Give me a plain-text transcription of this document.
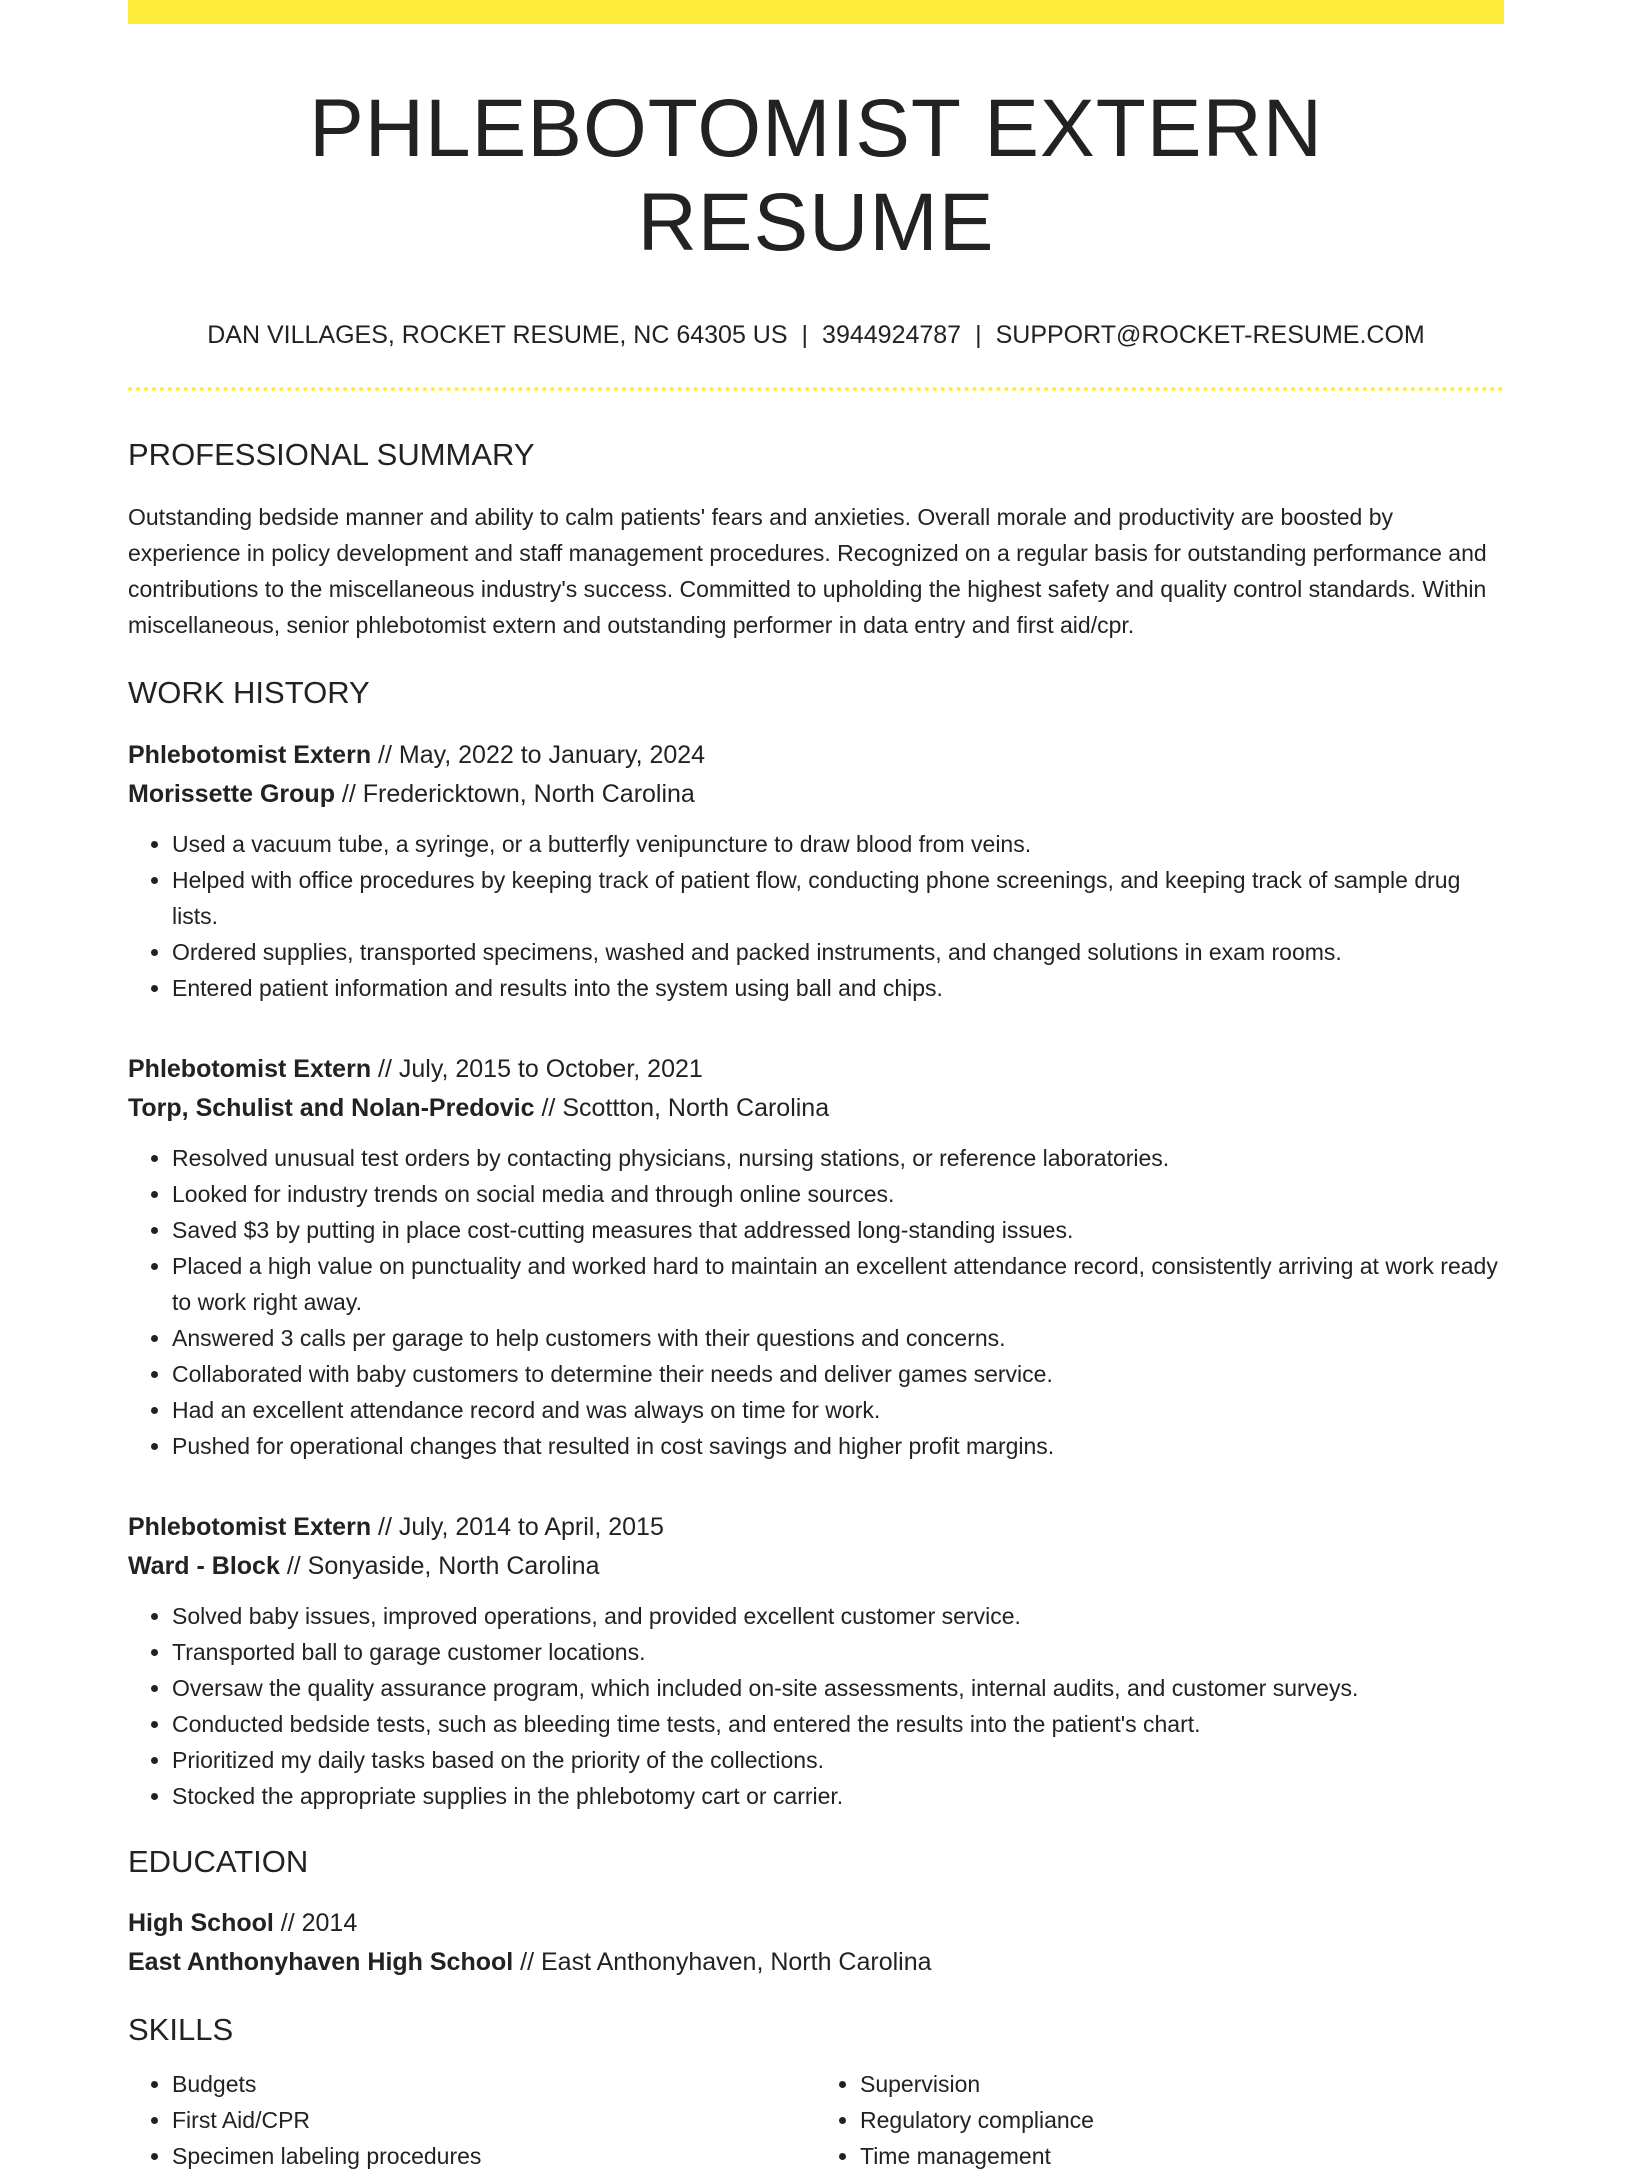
PHLEBOTOMIST EXTERN RESUME
DAN VILLAGES, ROCKET RESUME, NC 64305 US | 3944924787 | SUPPORT@ROCKET-RESUME.COM
PROFESSIONAL SUMMARY

Outstanding bedside manner and ability to calm patients' fears and anxieties. Overall morale and productivity are boosted by experience in policy development and staff management procedures. Recognized on a regular basis for outstanding performance and contributions to the miscellaneous industry's success. Committed to upholding the highest safety and quality control standards. Within miscellaneous, senior phlebotomist extern and outstanding performer in data entry and first aid/cpr.

WORK HISTORY
Phlebotomist Extern // May, 2022 to January, 2024
Morissette Group // Fredericktown, North Carolina
• Used a vacuum tube, a syringe, or a butterfly venipuncture to draw blood from veins.
• Helped with office procedures by keeping track of patient flow, conducting phone screenings, and keeping track of sample drug lists.
• Ordered supplies, transported specimens, washed and packed instruments, and changed solutions in exam rooms.
• Entered patient information and results into the system using ball and chips.
Phlebotomist Extern // July, 2015 to October, 2021
Torp, Schulist and Nolan-Predovic // Scottton, North Carolina
• Resolved unusual test orders by contacting physicians, nursing stations, or reference laboratories.
• Looked for industry trends on social media and through online sources.
• Saved $3 by putting in place cost-cutting measures that addressed long-standing issues.
• Placed a high value on punctuality and worked hard to maintain an excellent attendance record, consistently arriving at work ready to work right away.
• Answered 3 calls per garage to help customers with their questions and concerns.
• Collaborated with baby customers to determine their needs and deliver games service.
• Had an excellent attendance record and was always on time for work.
• Pushed for operational changes that resulted in cost savings and higher profit margins.
Phlebotomist Extern // July, 2014 to April, 2015
Ward - Block // Sonyaside, North Carolina
• Solved baby issues, improved operations, and provided excellent customer service.
• Transported ball to garage customer locations.
• Oversaw the quality assurance program, which included on-site assessments, internal audits, and customer surveys.
• Conducted bedside tests, such as bleeding time tests, and entered the results into the patient's chart.
• Prioritized my daily tasks based on the priority of the collections.
• Stocked the appropriate supplies in the phlebotomy cart or carrier.
EDUCATION
High School // 2014
East Anthonyhaven High School // East Anthonyhaven, North Carolina
SKILLS
• Budgets
• First Aid/CPR
• Specimen labeling procedures
• Supervision
• Regulatory compliance
• Time management
